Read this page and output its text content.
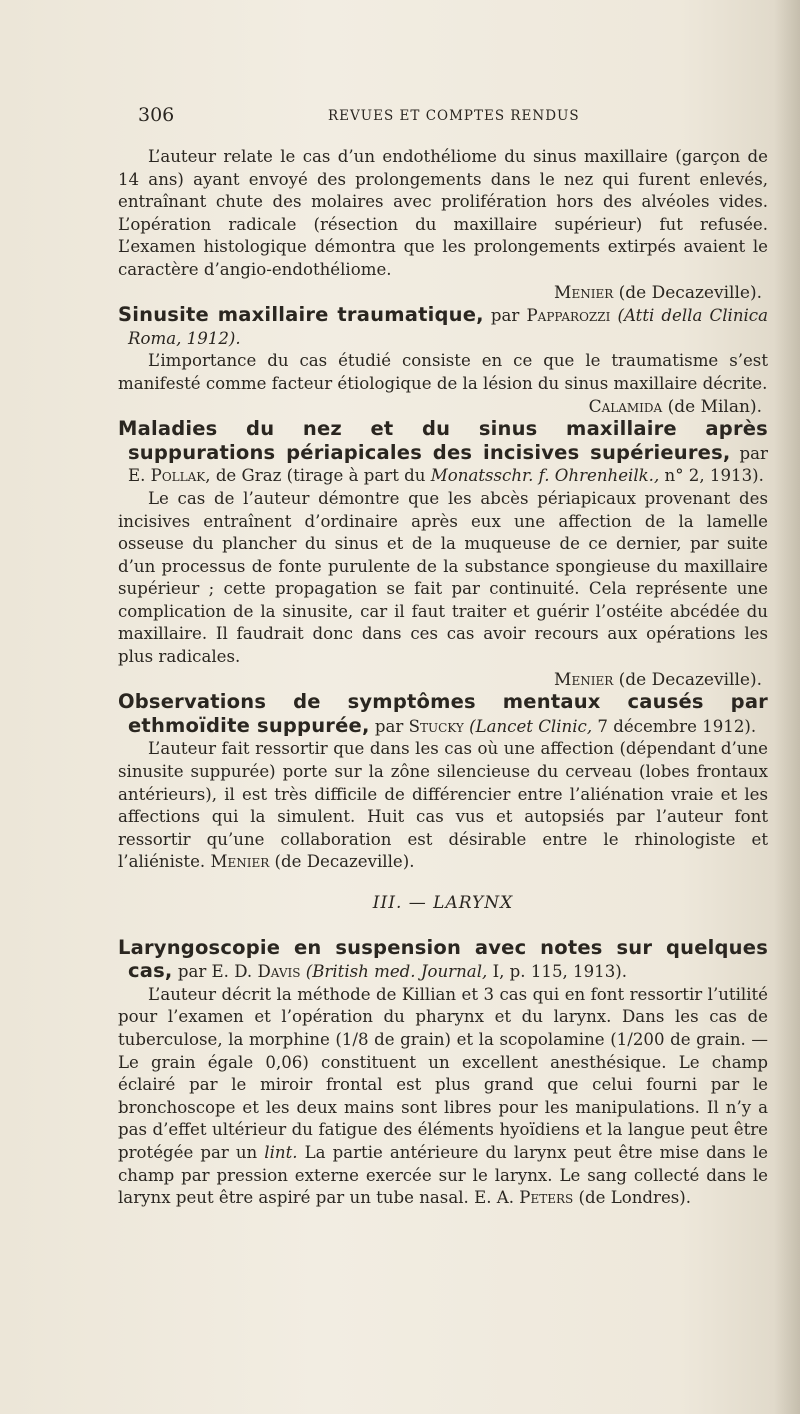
306	REVUES ET COMPTES RENDUS

L’auteur relate le cas d’un endothéliome du sinus maxillaire (garçon de 14 ans) ayant envoyé des prolongements dans le nez qui furent enlevés, entraînant chute des molaires avec prolifération hors des alvéoles vides. L’opération radicale (résection du maxillaire supérieur) fut refusée. L’examen histologique démontra que les prolongements extirpés avaient le caractère d’angio-endothéliome.

Menier (de Decazeville).

Sinusite maxillaire traumatique, par Papparozzi (Atti della Clinica Roma, 1912).

L’importance du cas étudié consiste en ce que le traumatisme s’est manifesté comme facteur étiologique de la lésion du sinus maxillaire décrite.

Calamida (de Milan).

Maladies du nez et du sinus maxillaire après suppurations périapicales des incisives supérieures, par E. Pollak, de Graz (tirage à part du Monatsschr. f. Ohrenheilk., n° 2, 1913).

Le cas de l’auteur démontre que les abcès périapicaux provenant des incisives entraînent d’ordinaire après eux une affection de la lamelle osseuse du plancher du sinus et de la muqueuse de ce dernier, par suite d’un processus de fonte purulente de la substance spongieuse du maxillaire supérieur ; cette propagation se fait par continuité. Cela représente une complication de la sinusite, car il faut traiter et guérir l’ostéite abcédée du maxillaire. Il faudrait donc dans ces cas avoir recours aux opérations les plus radicales.

Menier (de Decazeville).

Observations de symptômes mentaux causés par ethmoïdite suppurée, par Stucky (Lancet Clinic, 7 décembre 1912).

L’auteur fait ressortir que dans les cas où une affection (dépendant d’une sinusite suppurée) porte sur la zône silencieuse du cerveau (lobes frontaux antérieurs), il est très difficile de différencier entre l’aliénation vraie et les affections qui la simulent. Huit cas vus et autopsiés par l’auteur font ressortir qu’une collaboration est désirable entre le rhinologiste et l’aliéniste. Menier (de Decazeville).

III. — LARYNX

Laryngoscopie en suspension avec notes sur quelques cas, par E. D. Davis (British med. Journal, I, p. 115, 1913).

L’auteur décrit la méthode de Killian et 3 cas qui en font ressortir l’utilité pour l’examen et l’opération du pharynx et du larynx. Dans les cas de tuberculose, la morphine (1/8 de grain) et la scopolamine (1/200 de grain. — Le grain égale 0,06) constituent un excellent anesthésique. Le champ éclairé par le miroir frontal est plus grand que celui fourni par le bronchoscope et les deux mains sont libres pour les manipulations. Il n’y a pas d’effet ultérieur du fatigue des éléments hyoïdiens et la langue peut être protégée par un lint. La partie antérieure du larynx peut être mise dans le champ par pression externe exercée sur le larynx. Le sang collecté dans le larynx peut être aspiré par un tube nasal. E. A. Peters (de Londres).
